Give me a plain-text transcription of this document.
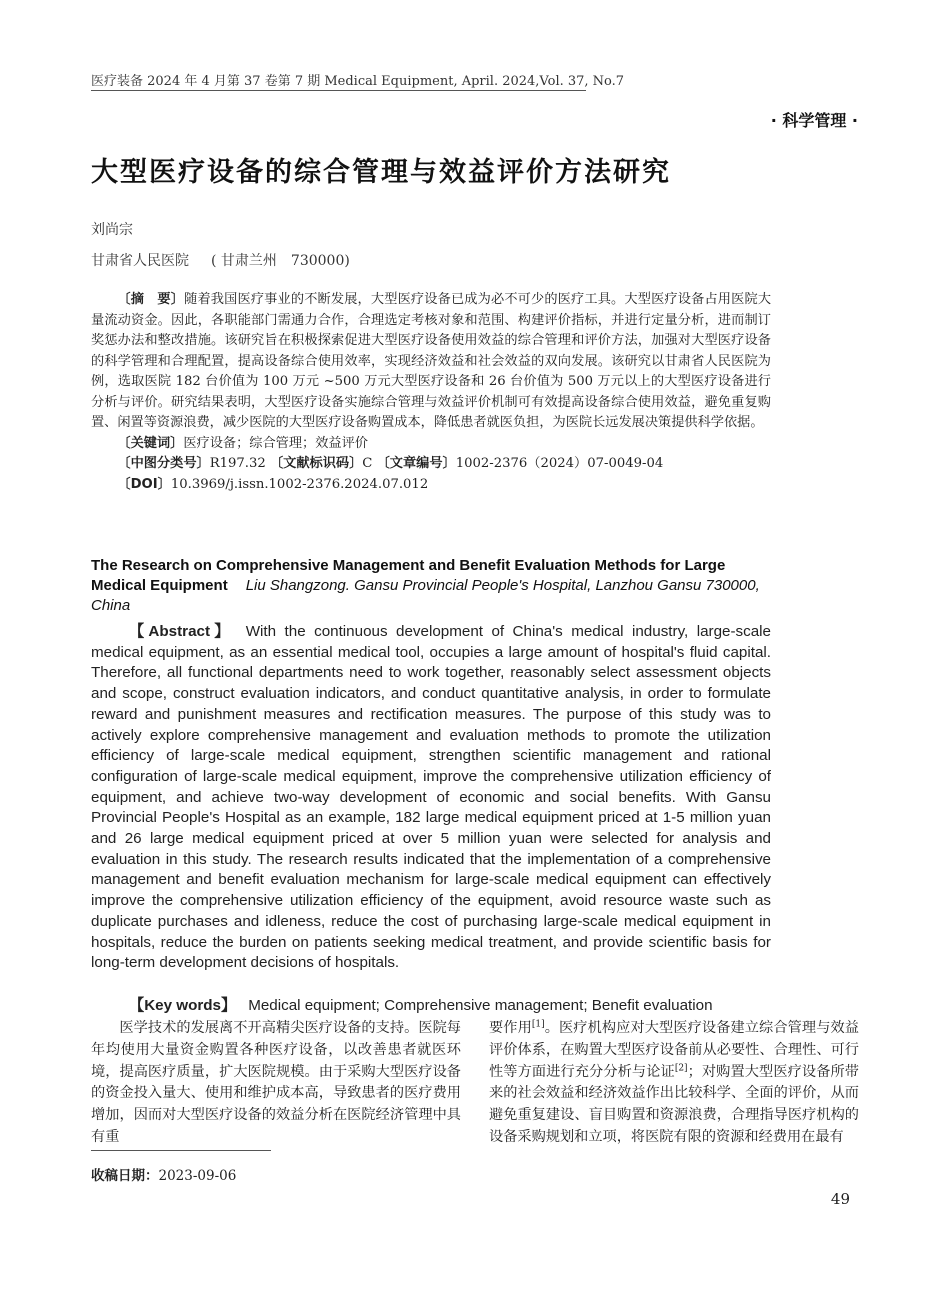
医疗装备 2024 年 4 月第 37 卷第 7 期 Medical Equipment, April. 2024,Vol. 37, No.7
· 科学管理 ·
大型医疗设备的综合管理与效益评价方法研究
刘尚宗
甘肃省人民医院 ( 甘肃兰州　730000)

〔摘　要〕随着我国医疗事业的不断发展，大型医疗设备已成为必不可少的医疗工具。大型医疗设备占用医院大量流动资金。因此，各职能部门需通力合作，合理选定考核对象和范围、构建评价指标，并进行定量分析，进而制订奖惩办法和整改措施。该研究旨在积极探索促进大型医疗设备使用效益的综合管理和评价方法，加强对大型医疗设备的科学管理和合理配置，提高设备综合使用效率，实现经济效益和社会效益的双向发展。该研究以甘肃省人民医院为例，选取医院 182 台价值为 100 万元 ~500 万元大型医疗设备和 26 台价值为 500 万元以上的大型医疗设备进行分析与评价。研究结果表明，大型医疗设备实施综合管理与效益评价机制可有效提高设备综合使用效益，避免重复购置、闲置等资源浪费，减少医院的大型医疗设备购置成本，降低患者就医负担，为医院长远发展决策提供科学依据。

〔关键词〕医疗设备；综合管理；效益评价

〔中图分类号〕R197.32 〔文献标识码〕C 〔文章编号〕1002-2376（2024）07-0049-04

〔DOI〕10.3969/j.issn.1002-2376.2024.07.012

The Research on Comprehensive Management and Benefit Evaluation Methods for Large Medical Equipment Liu Shangzong. Gansu Provincial People's Hospital, Lanzhou Gansu 730000, China
【Abstract】 With the continuous development of China's medical industry, large-scale medical equipment, as an essential medical tool, occupies a large amount of hospital's fluid capital. Therefore, all functional departments need to work together, reasonably select assessment objects and scope, construct evaluation indicators, and conduct quantitative analysis, in order to formulate reward and punishment measures and rectification measures. The purpose of this study was to actively explore comprehensive management and evaluation methods to promote the utilization efficiency of large-scale medical equipment, strengthen scientific management and rational configuration of large-scale medical equipment, improve the comprehensive utilization efficiency of equipment, and achieve two-way development of economic and social benefits. With Gansu Provincial People's Hospital as an example, 182 large medical equipment priced at 1-5 million yuan and 26 large medical equipment priced at over 5 million yuan were selected for analysis and evaluation in this study. The research results indicated that the implementation of a comprehensive management and benefit evaluation mechanism for large-scale medical equipment can effectively improve the comprehensive utilization efficiency of the equipment, avoid resource waste such as duplicate purchases and idleness, reduce the cost of purchasing large-scale medical equipment in hospitals, reduce the burden on patients seeking medical treatment, and provide scientific basis for long-term development decisions of hospitals.
【Key words】 Medical equipment; Comprehensive management; Benefit evaluation
医学技术的发展离不开高精尖医疗设备的支持。医院每年均使用大量资金购置各种医疗设备，以改善患者就医环境，提高医疗质量，扩大医院规模。由于采购大型医疗设备的资金投入量大、使用和维护成本高，导致患者的医疗费用增加，因而对大型医疗设备的效益分析在医院经济管理中具有重
要作用[1]。医疗机构应对大型医疗设备建立综合管理与效益评价体系，在购置大型医疗设备前从必要性、合理性、可行性等方面进行充分分析与论证[2]；对购置大型医疗设备所带来的社会效益和经济效益作出比较科学、全面的评价，从而避免重复建设、盲目购置和资源浪费，合理指导医疗机构的设备采购规划和立项，将医院有限的资源和经费用在最有
收稿日期：2023-09-06
49
